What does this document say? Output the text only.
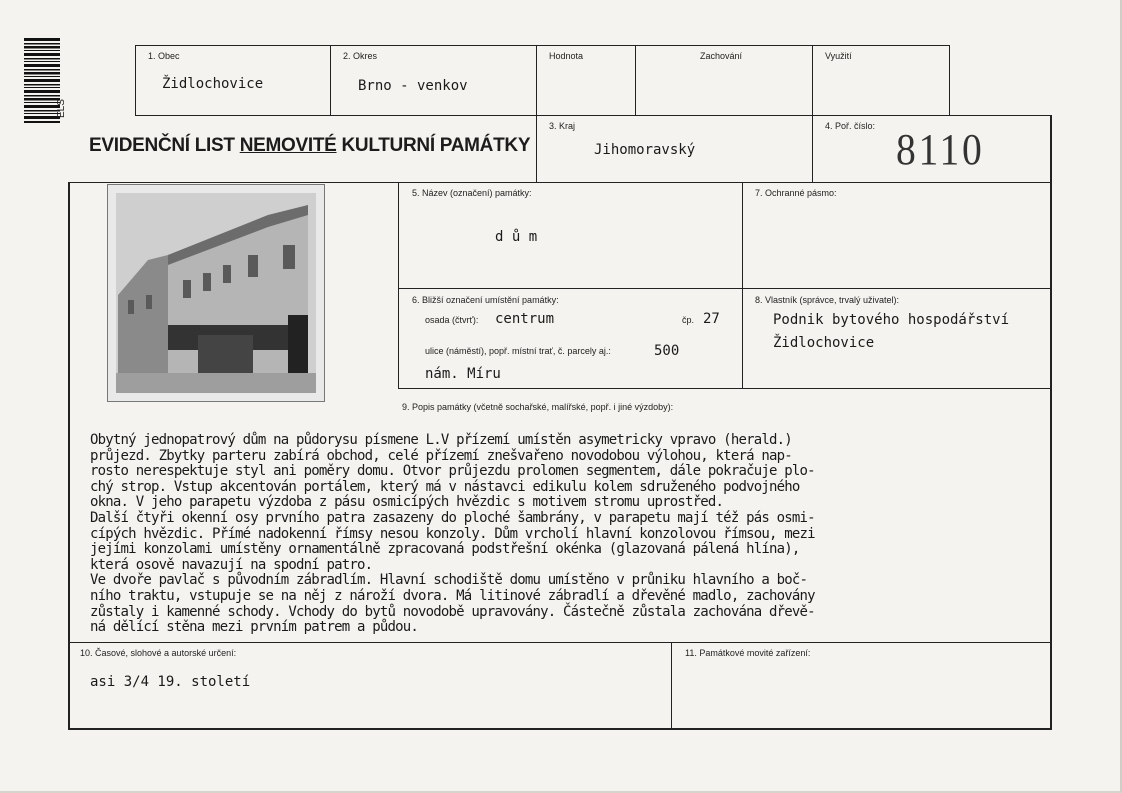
ELS
1. Obec
Židlochovice
2. Okres
Brno - venkov
Hodnota	Zachování	Využití
EVIDENČNÍ LIST NEMOVITÉ KULTURNÍ PAMÁTKY
3. Kraj
Jihomoravský
4. Poř. číslo: 8110
5. Název (označení) památky:
d ů m
7. Ochranné pásmo:
6. Bližší označení umístění památky:
osada (čtvrť): centrum	čp. 27
ulice (náměstí), popř. místní trať, č. parcely aj.:	500
nám. Míru
8. Vlastník (správce, trvalý uživatel):
Podnik bytového hospodářství
Židlochovice
9. Popis památky (včetně sochařské, malířské, popř. i jiné výzdoby):
Obytný jednopatrový dům na půdorysu písmene L.V přízemí umístěn asymetricky vpravo (herald.)
průjezd. Zbytky parteru zabírá obchod, celé přízemí znešvařeno novodobou výlohou, která nap-
rosto nerespektuje styl ani poměry domu. Otvor průjezdu prolomen segmentem, dále pokračuje plo-
chý strop. Vstup akcentován portálem, který má v nástavci edikulu kolem sdruženého podvojného
okna. V jeho parapetu výzdoba z pásu osmicípých hvězdic s motivem stromu uprostřed.
Další čtyři okenní osy prvního patra zasazeny do ploché šambrány, v parapetu mají též pás osmi-
cípých hvězdic. Přímé nadokenní římsy nesou konzoly. Dům vrcholí hlavní konzolovou římsou, mezi
jejími konzolami umístěny ornamentálně zpracovaná podstřešní okénka (glazovaná pálená hlína),
která osově navazují na spodní patro.
Ve dvoře pavlač s původním zábradlím. Hlavní schodiště domu umístěno v průniku hlavního a boč-
ního traktu, vstupuje se na něj z nároží dvora. Má litinové zábradlí a dřevěné madlo, zachovány
zůstaly i kamenné schody. Vchody do bytů novodobě upravovány. Částečně zůstala zachována dřevě-
ná dělící stěna mezi prvním patrem a půdou.
10. Časové, slohové a autorské určení:
asi 3/4 19. století
11. Památkové movité zařízení:
